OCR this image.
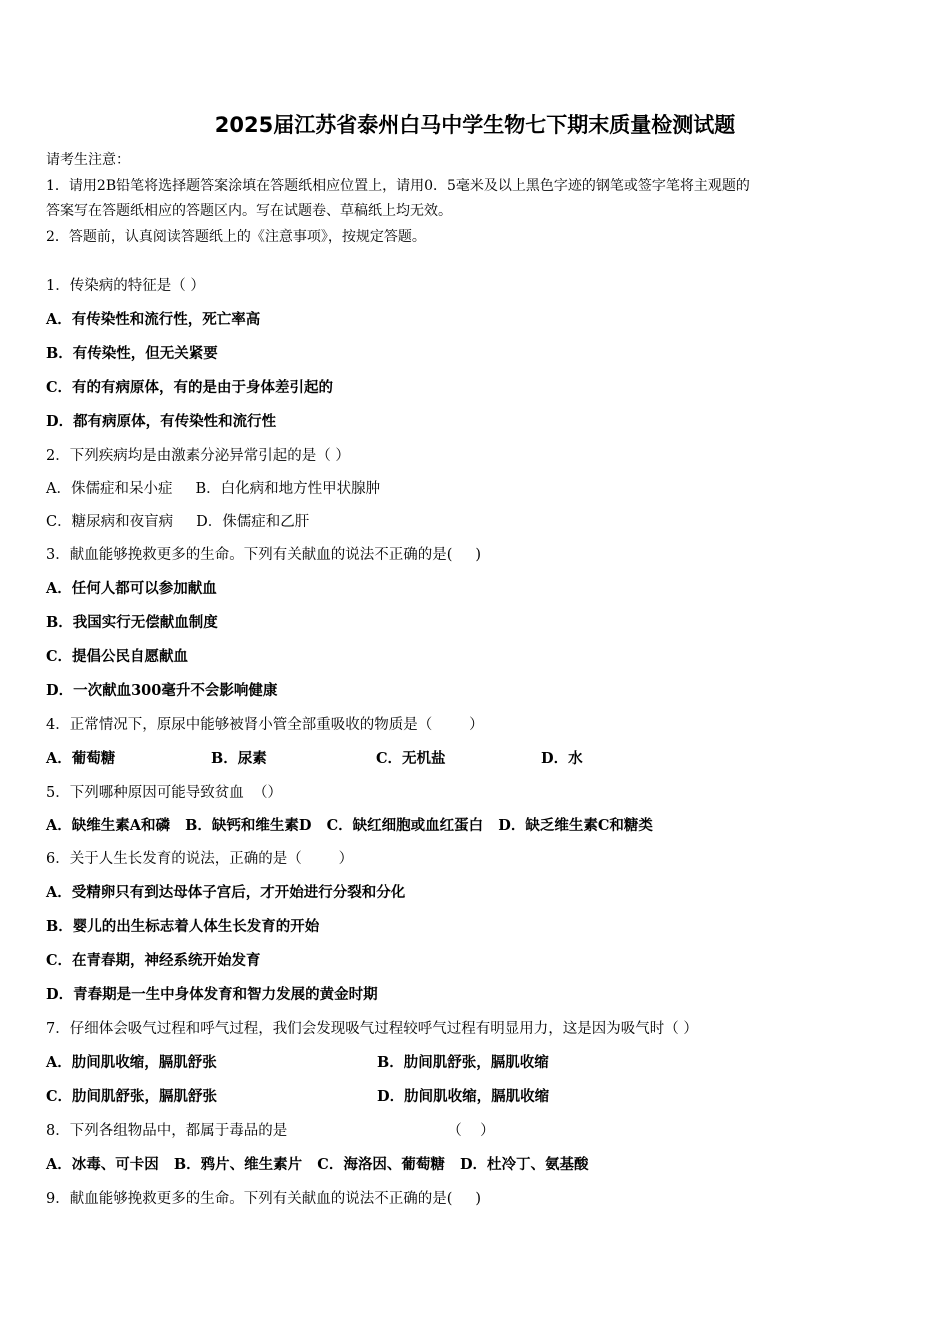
2025届江苏省泰州白马中学生物七下期末质量检测试题
请考生注意：
1．请用2B铅笔将选择题答案涂填在答题纸相应位置上，请用0．5毫米及以上黑色字迹的钢笔或签字笔将主观题的
答案写在答题纸相应的答题区内。写在试题卷、草稿纸上均无效。
2．答题前，认真阅读答题纸上的《注意事项》，按规定答题。
1．传染病的特征是（ ）
A．有传染性和流行性，死亡率高
B．有传染性，但无关紧要
C．有的有病原体，有的是由于身体差引起的
D．都有病原体，有传染性和流行性
2．下列疾病均是由激素分泌异常引起的是（ ）
A．侏儒症和呆小症     B．白化病和地方性甲状腺肿
C．糖尿病和夜盲病     D．侏儒症和乙肝
3．献血能够挽救更多的生命。下列有关献血的说法不正确的是(     )
A．任何人都可以参加献血
B．我国实行无偿献血制度
C．提倡公民自愿献血
D．一次献血300毫升不会影响健康
4．正常情况下，原尿中能够被肾小管全部重吸收的物质是（        ）
A．葡萄糖	B．尿素	C．无机盐	D．水
5．下列哪种原因可能导致贫血  （）
A．缺维生素A和磷   B．缺钙和维生素D   C．缺红细胞或血红蛋白   D．缺乏维生素C和糖类
6．关于人生长发育的说法，正确的是（        ）
A．受精卵只有到达母体子宫后，才开始进行分裂和分化
B．婴儿的出生标志着人体生长发育的开始
C．在青春期，神经系统开始发育
D．青春期是一生中身体发育和智力发展的黄金时期
7．仔细体会吸气过程和呼气过程，我们会发现吸气过程较呼气过程有明显用力，这是因为吸气时（ ）
A．肋间肌收缩，膈肌舒张	B．肋间肌舒张，膈肌收缩
C．肋间肌舒张，膈肌舒张	D．肋间肌收缩，膈肌收缩
8．下列各组物品中，都属于毒品的是	（    ）
A．冰毒、可卡因   B．鸦片、维生素片   C．海洛因、葡萄糖   D．杜冷丁、氨基酸
9．献血能够挽救更多的生命。下列有关献血的说法不正确的是(     )
